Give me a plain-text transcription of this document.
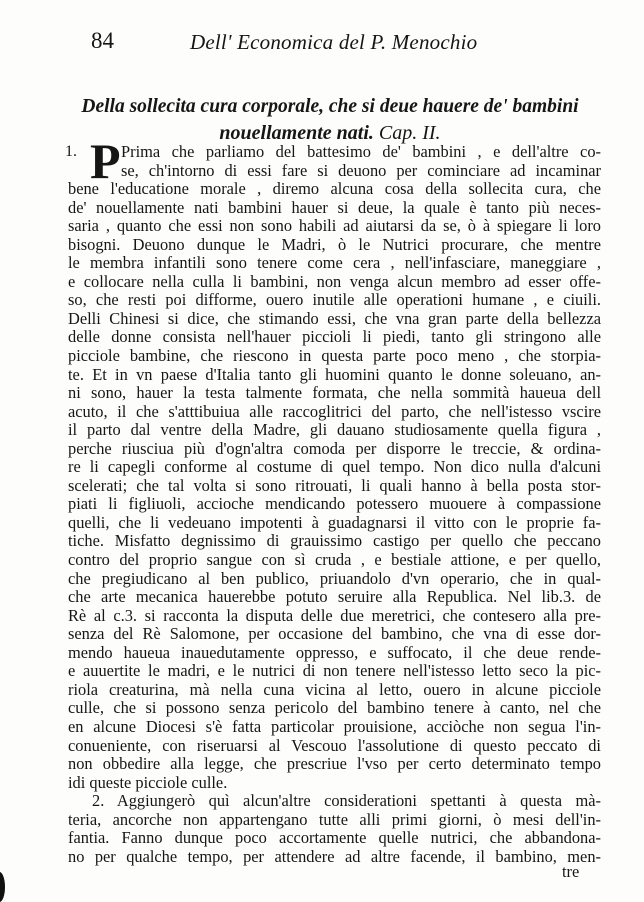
84	Dell' Economica del P. Menochio
Della sollecita cura corporale, che si deue hauere de' bambini
nouellamente nati. Cap. II.
1. P Prima che parliamo del battesimo de' bambini , e dell'altre co-
se, ch'intorno di essi fare si deuono per cominciare ad incaminar
bene l'educatione morale , diremo alcuna cosa della sollecita cura, che
de' nouellamente nati bambini hauer si deue, la quale è tanto più neces-
saria , quanto che essi non sono habili ad aiutarsi da se, ò à spiegare li loro
bisogni. Deuono dunque le Madri, ò le Nutrici procurare, che mentre
le membra infantili sono tenere come cera , nell'infasciare, maneggiare ,
e collocare nella culla li bambini, non venga alcun membro ad esser offe-
so, che resti poi difforme, ouero inutile alle operationi humane , e ciuili.
Delli Chinesi si dice, che stimando essi, che vna gran parte della bellezza
delle donne consista nell'hauer piccioli li piedi, tanto gli stringono alle
picciole bambine, che riescono in questa parte poco meno , che storpia-
te. Et in vn paese d'Italia tanto gli huomini quanto le donne soleuano, an-
ni sono, hauer la testa talmente formata, che nella sommità haueua dell
acuto, il che s'atttibuiua alle raccoglitrici del parto, che nell'istesso vscire
il parto dal ventre della Madre, gli dauano studiosamente quella figura ,
perche riusciua più d'ogn'altra comoda per disporre le treccie, & ordina-
re li capegli conforme al costume di quel tempo. Non dico nulla d'alcuni
scelerati; che tal volta si sono ritrouati, li quali hanno à bella posta stor-
piati li figliuoli, accioche mendicando potessero muouere à compassione
quelli, che li vedeuano impotenti à guadagnarsi il vitto con le proprie fa-
tiche. Misfatto degnissimo di grauissimo castigo per quello che peccano
contro del proprio sangue con sì cruda , e bestiale attione, e per quello,
che pregiudicano al ben publico, priuandolo d'vn operario, che in qual-
che arte mecanica hauerebbe potuto seruire alla Republica. Nel lib.3. de
Rè al c.3. si racconta la disputa delle due meretrici, che contesero alla pre-
senza del Rè Salomone, per occasione del bambino, che vna di esse dor-
mendo haueua inauedutamente oppresso, e suffocato, il che deue rende-
e auuertite le madri, e le nutrici di non tenere nell'istesso letto seco la pic-
riola creaturina, mà nella cuna vicina al letto, ouero in alcune picciole
culle, che si possono senza pericolo del bambino tenere à canto, nel che
en alcune Diocesi s'è fatta particolar prouisione, acciòche non segua l'in-
conueniente, con riseruarsi al Vescouo l'assolutione di questo peccato di
non obbedire alla legge, che prescriue l'vso per certo determinato tempo
idi queste picciole culle.
2. Aggiungerò quì alcun'altre considerationi spettanti à questa mà-
teria, ancorche non appartengano tutte alli primi giorni, ò mesi dell'in-
fantia. Fanno dunque poco accortamente quelle nutrici, che abbandona-
no per qualche tempo, per attendere ad altre facende, il bambino, men-
tre
